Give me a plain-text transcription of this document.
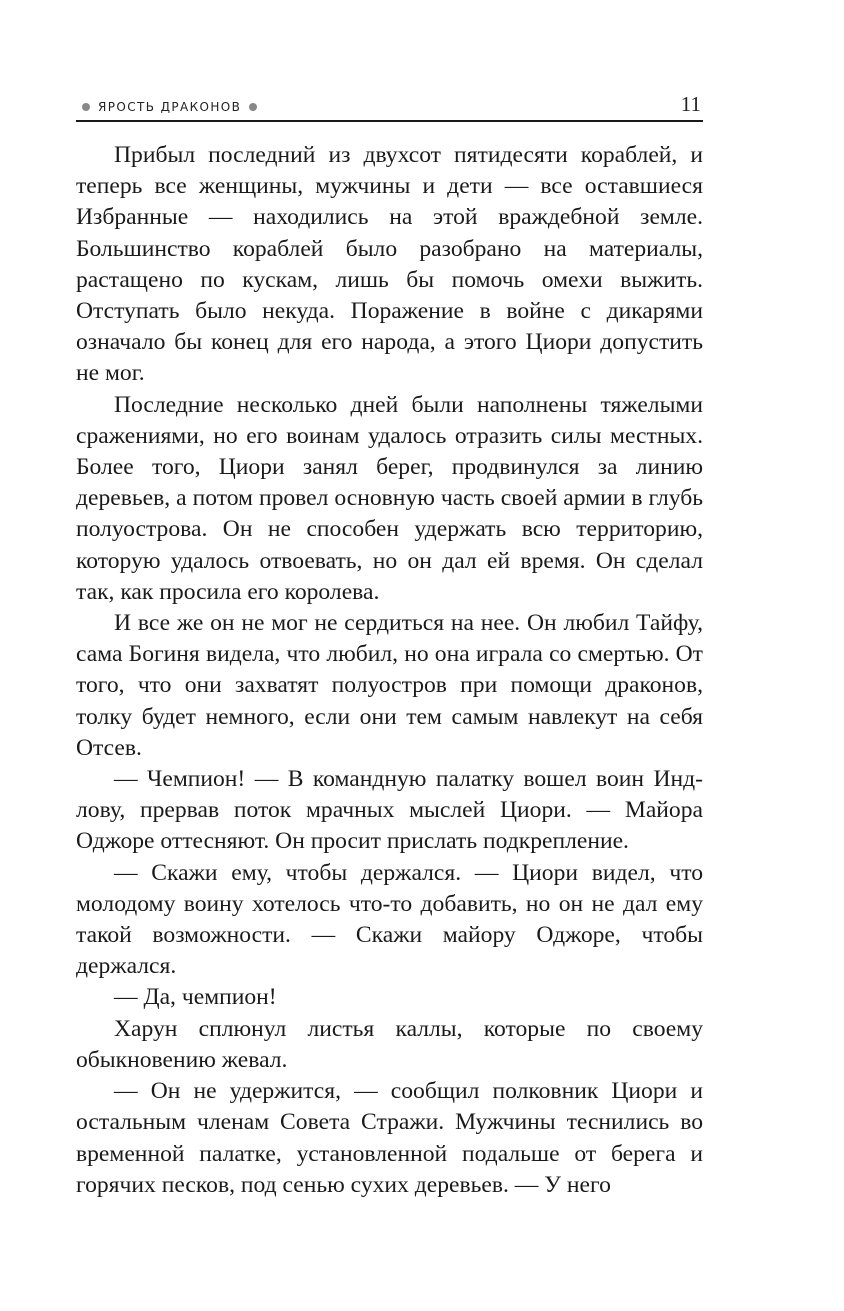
ЯРОСТЬ ДРАКОНОВ	11

Прибыл последний из двухсот пятидесяти кораблей, и теперь все женщины, мужчины и дети — все оставшиеся Избранные — находились на этой враждебной земле. Большинство кораблей было разобрано на материалы, растащено по кускам, лишь бы помочь омехи выжить. Отступать было некуда. Поражение в войне с дикарями означало бы конец для его народа, а этого Циори допустить не мог.

Последние несколько дней были наполнены тяжелыми сражениями, но его воинам удалось отразить силы местных. Более того, Циори занял берег, продвинулся за линию деревьев, а потом провел основную часть своей армии в глубь полуострова. Он не способен удержать всю территорию, которую удалось отвоевать, но он дал ей время. Он сделал так, как просила его королева.

И все же он не мог не сердиться на нее. Он любил Тайфу, сама Богиня видела, что любил, но она играла со смертью. От того, что они захватят полуостров при помощи драконов, толку будет немного, если они тем самым навлекут на себя Отсев.

— Чемпион! — В командную палатку вошел воин Индлову, прервав поток мрачных мыслей Циори. — Майора Оджоре оттесняют. Он просит прислать подкрепление.

— Скажи ему, чтобы держался. — Циори видел, что молодому воину хотелось что-то добавить, но он не дал ему такой возможности. — Скажи майору Оджоре, чтобы держался.

— Да, чемпион!

Харун сплюнул листья каллы, которые по своему обыкновению жевал.

— Он не удержится, — сообщил полковник Циори и остальным членам Совета Стражи. Мужчины теснились во временной палатке, установленной подальше от берега и горячих песков, под сенью сухих деревьев. — У него
